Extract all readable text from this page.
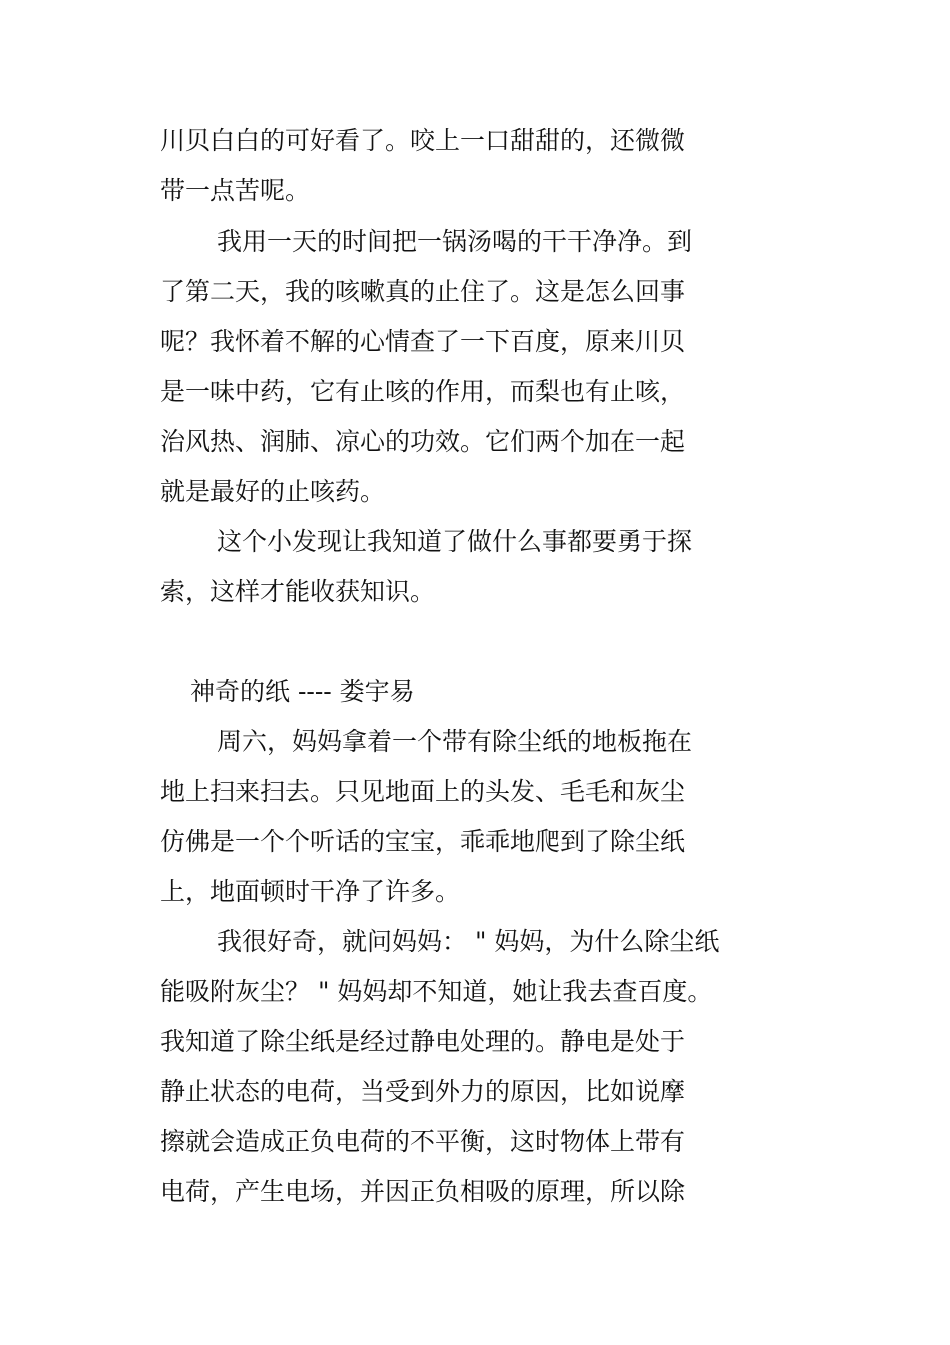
川贝白白的可好看了。咬上一口甜甜的，还微微
带一点苦呢。
我用一天的时间把一锅汤喝的干干净净。到
了第二天，我的咳嗽真的止住了。这是怎么回事
呢？我怀着不解的心情查了一下百度，原来川贝
是一味中药，它有止咳的作用，而梨也有止咳，
治风热、润肺、凉心的功效。它们两个加在一起
就是最好的止咳药。
这个小发现让我知道了做什么事都要勇于探
索，这样才能收获知识。
神奇的纸 ---- 娄宇易
周六，妈妈拿着一个带有除尘纸的地板拖在
地上扫来扫去。只见地面上的头发、毛毛和灰尘
仿佛是一个个听话的宝宝，乖乖地爬到了除尘纸
上，地面顿时干净了许多。
我很好奇，就问妈妈： " 妈妈，为什么除尘纸
能吸附灰尘？ " 妈妈却不知道，她让我去查百度。
我知道了除尘纸是经过静电处理的。静电是处于
静止状态的电荷，当受到外力的原因，比如说摩
擦就会造成正负电荷的不平衡，这时物体上带有
电荷，产生电场，并因正负相吸的原理，所以除
